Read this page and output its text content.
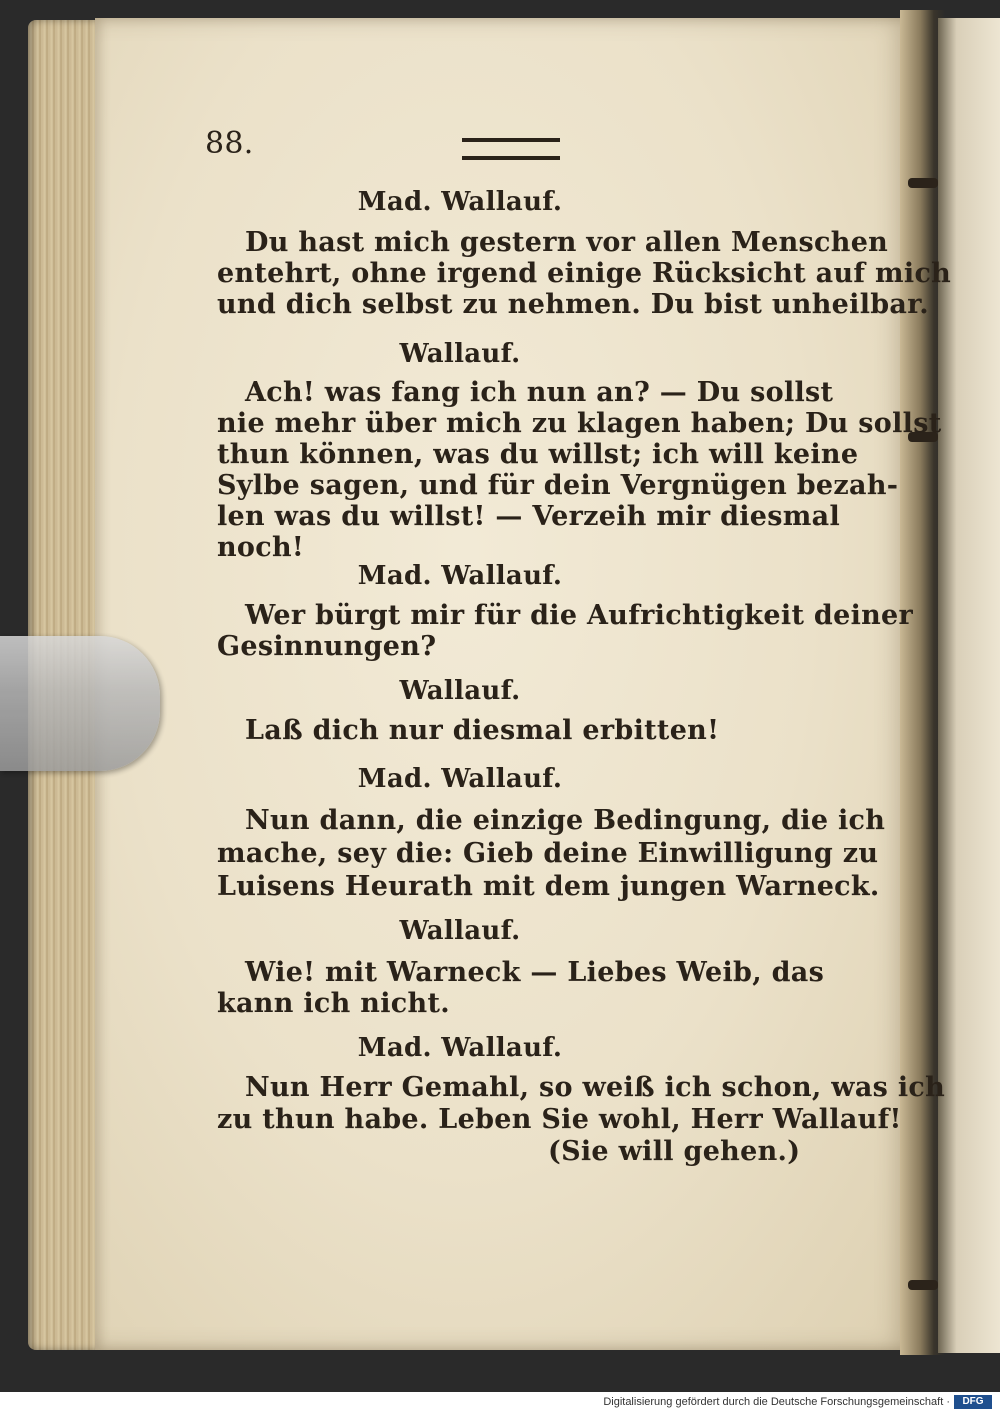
88.
Mad. Wallauf.
Du hast mich gestern vor allen Menschen
entehrt, ohne irgend einige Rücksicht auf mich
und dich selbst zu nehmen. Du bist unheilbar.
Wallauf.
Ach! was fang ich nun an? — Du sollst
nie mehr über mich zu klagen haben; Du sollst
thun können, was du willst; ich will keine
Sylbe sagen, und für dein Vergnügen bezah-
len was du willst! — Verzeih mir diesmal
noch!
Mad. Wallauf.
Wer bürgt mir für die Aufrichtigkeit deiner
Gesinnungen?
Wallauf.
Laß dich nur diesmal erbitten!
Mad. Wallauf.
Nun dann, die einzige Bedingung, die ich
mache, sey die: Gieb deine Einwilligung zu
Luisens Heurath mit dem jungen Warneck.
Wallauf.
Wie! mit Warneck — Liebes Weib, das
kann ich nicht.
Mad. Wallauf.
Nun Herr Gemahl, so weiß ich schon, was ich
zu thun habe. Leben Sie wohl, Herr Wallauf!
(Sie will gehen.)
Digitalisierung gefördert durch die Deutsche Forschungsgemeinschaft ·	DFG
